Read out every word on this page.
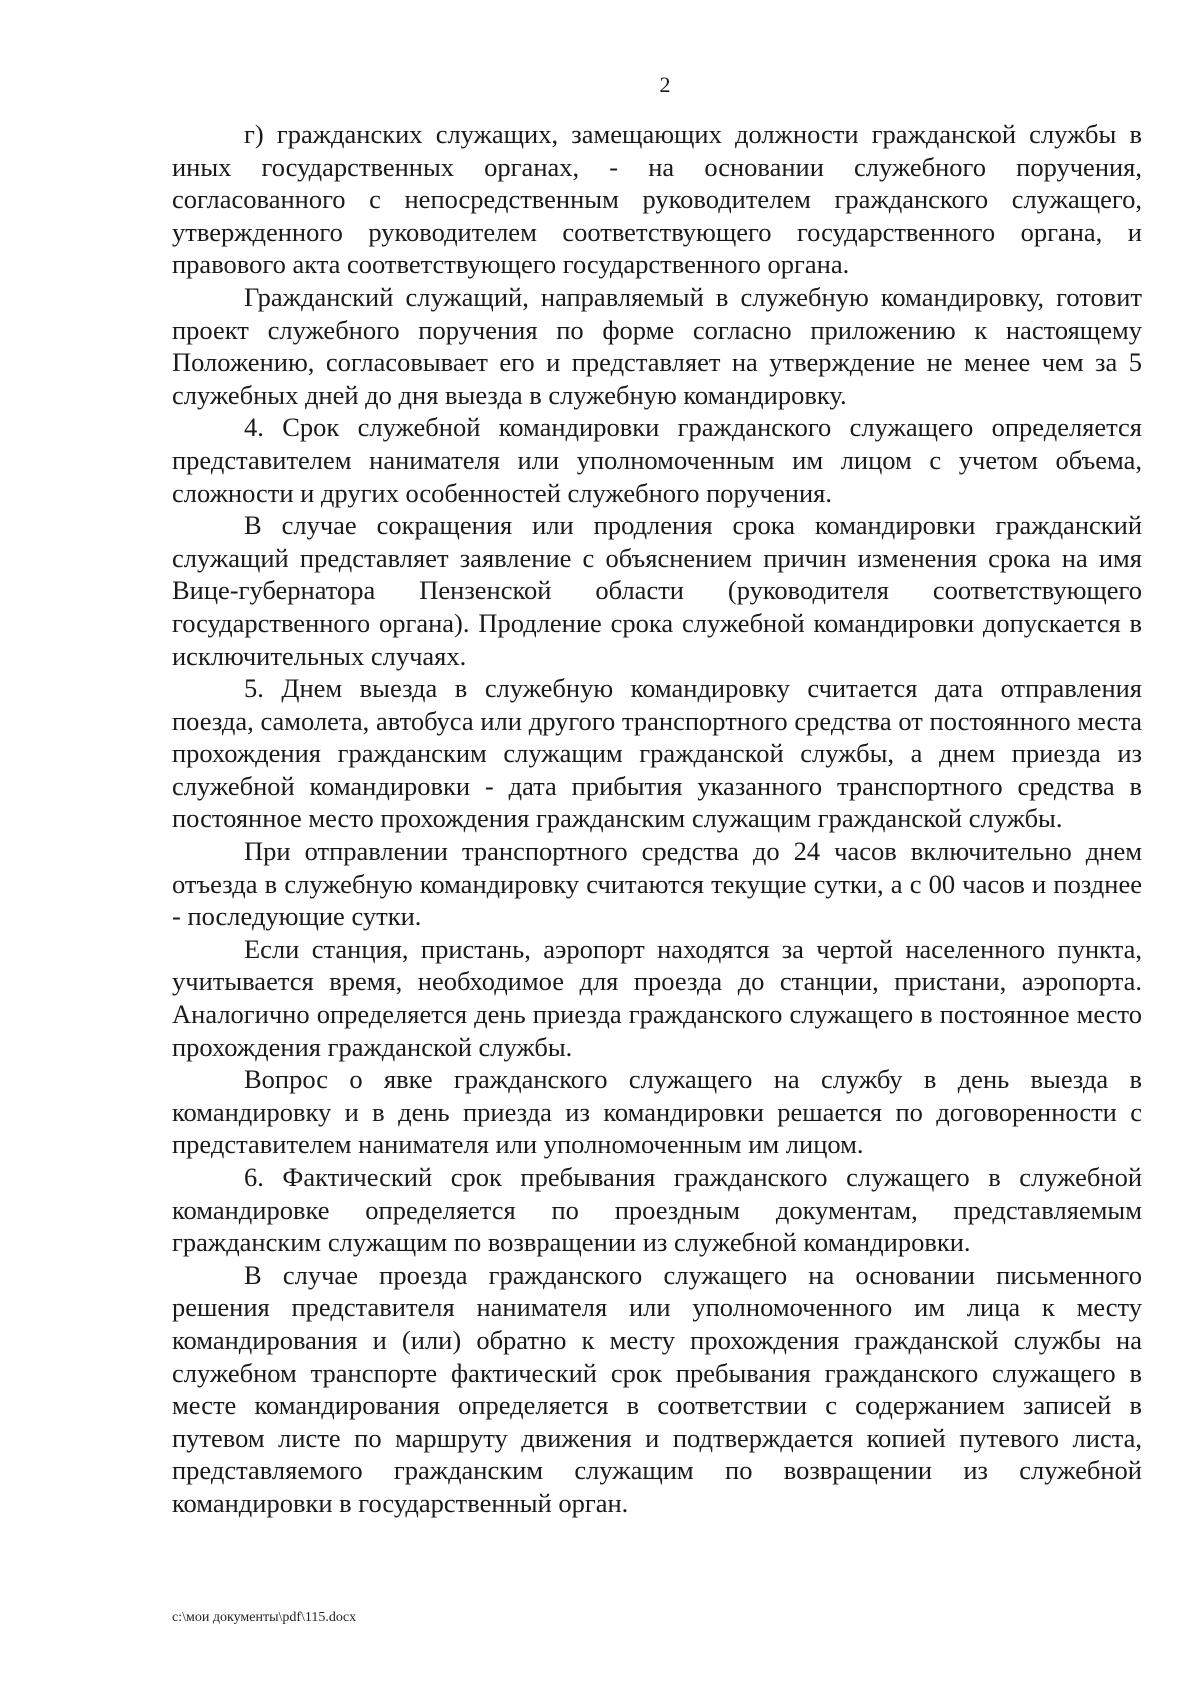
2

г) гражданских служащих, замещающих должности гражданской службы в иных государственных органах, - на основании служебного поручения, согласованного с непосредственным руководителем гражданского служащего, утвержденного руководителем соответствующего государственного органа, и правового акта соответствующего государственного органа.

Гражданский служащий, направляемый в служебную командировку, готовит проект служебного поручения по форме согласно приложению к настоящему Положению, согласовывает его и представляет на утверждение не менее чем за 5 служебных дней до дня выезда в служебную командировку.

4. Срок служебной командировки гражданского служащего определяется представителем нанимателя или уполномоченным им лицом с учетом объема, сложности и других особенностей служебного поручения.

В случае сокращения или продления срока командировки гражданский служащий представляет заявление с объяснением причин изменения срока на имя Вице-губернатора Пензенской области (руководителя соответствующего государственного органа). Продление срока служебной командировки допускается в исключительных случаях.

5. Днем выезда в служебную командировку считается дата отправления поезда, самолета, автобуса или другого транспортного средства от постоянного места прохождения гражданским служащим гражданской службы, а днем приезда из служебной командировки - дата прибытия указанного транспортного средства в постоянное место прохождения гражданским служащим гражданской службы.

При отправлении транспортного средства до 24 часов включительно днем отъезда в служебную командировку считаются текущие сутки, а с 00 часов и позднее - последующие сутки.

Если станция, пристань, аэропорт находятся за чертой населенного пункта, учитывается время, необходимое для проезда до станции, пристани, аэропорта. Аналогично определяется день приезда гражданского служащего в постоянное место прохождения гражданской службы.

Вопрос о явке гражданского служащего на службу в день выезда в командировку и в день приезда из командировки решается по договоренности с представителем нанимателя или уполномоченным им лицом.

6. Фактический срок пребывания гражданского служащего в служебной командировке определяется по проездным документам, представляемым гражданским служащим по возвращении из служебной командировки.

В случае проезда гражданского служащего на основании письменного решения представителя нанимателя или уполномоченного им лица к месту командирования и (или) обратно к месту прохождения гражданской службы на служебном транспорте фактический срок пребывания гражданского служащего в месте командирования определяется в соответствии с содержанием записей в путевом листе по маршруту движения и подтверждается копией путевого листа, представляемого гражданским служащим по возвращении из служебной командировки в государственный орган.

c:\мои документы\pdf\115.docx
